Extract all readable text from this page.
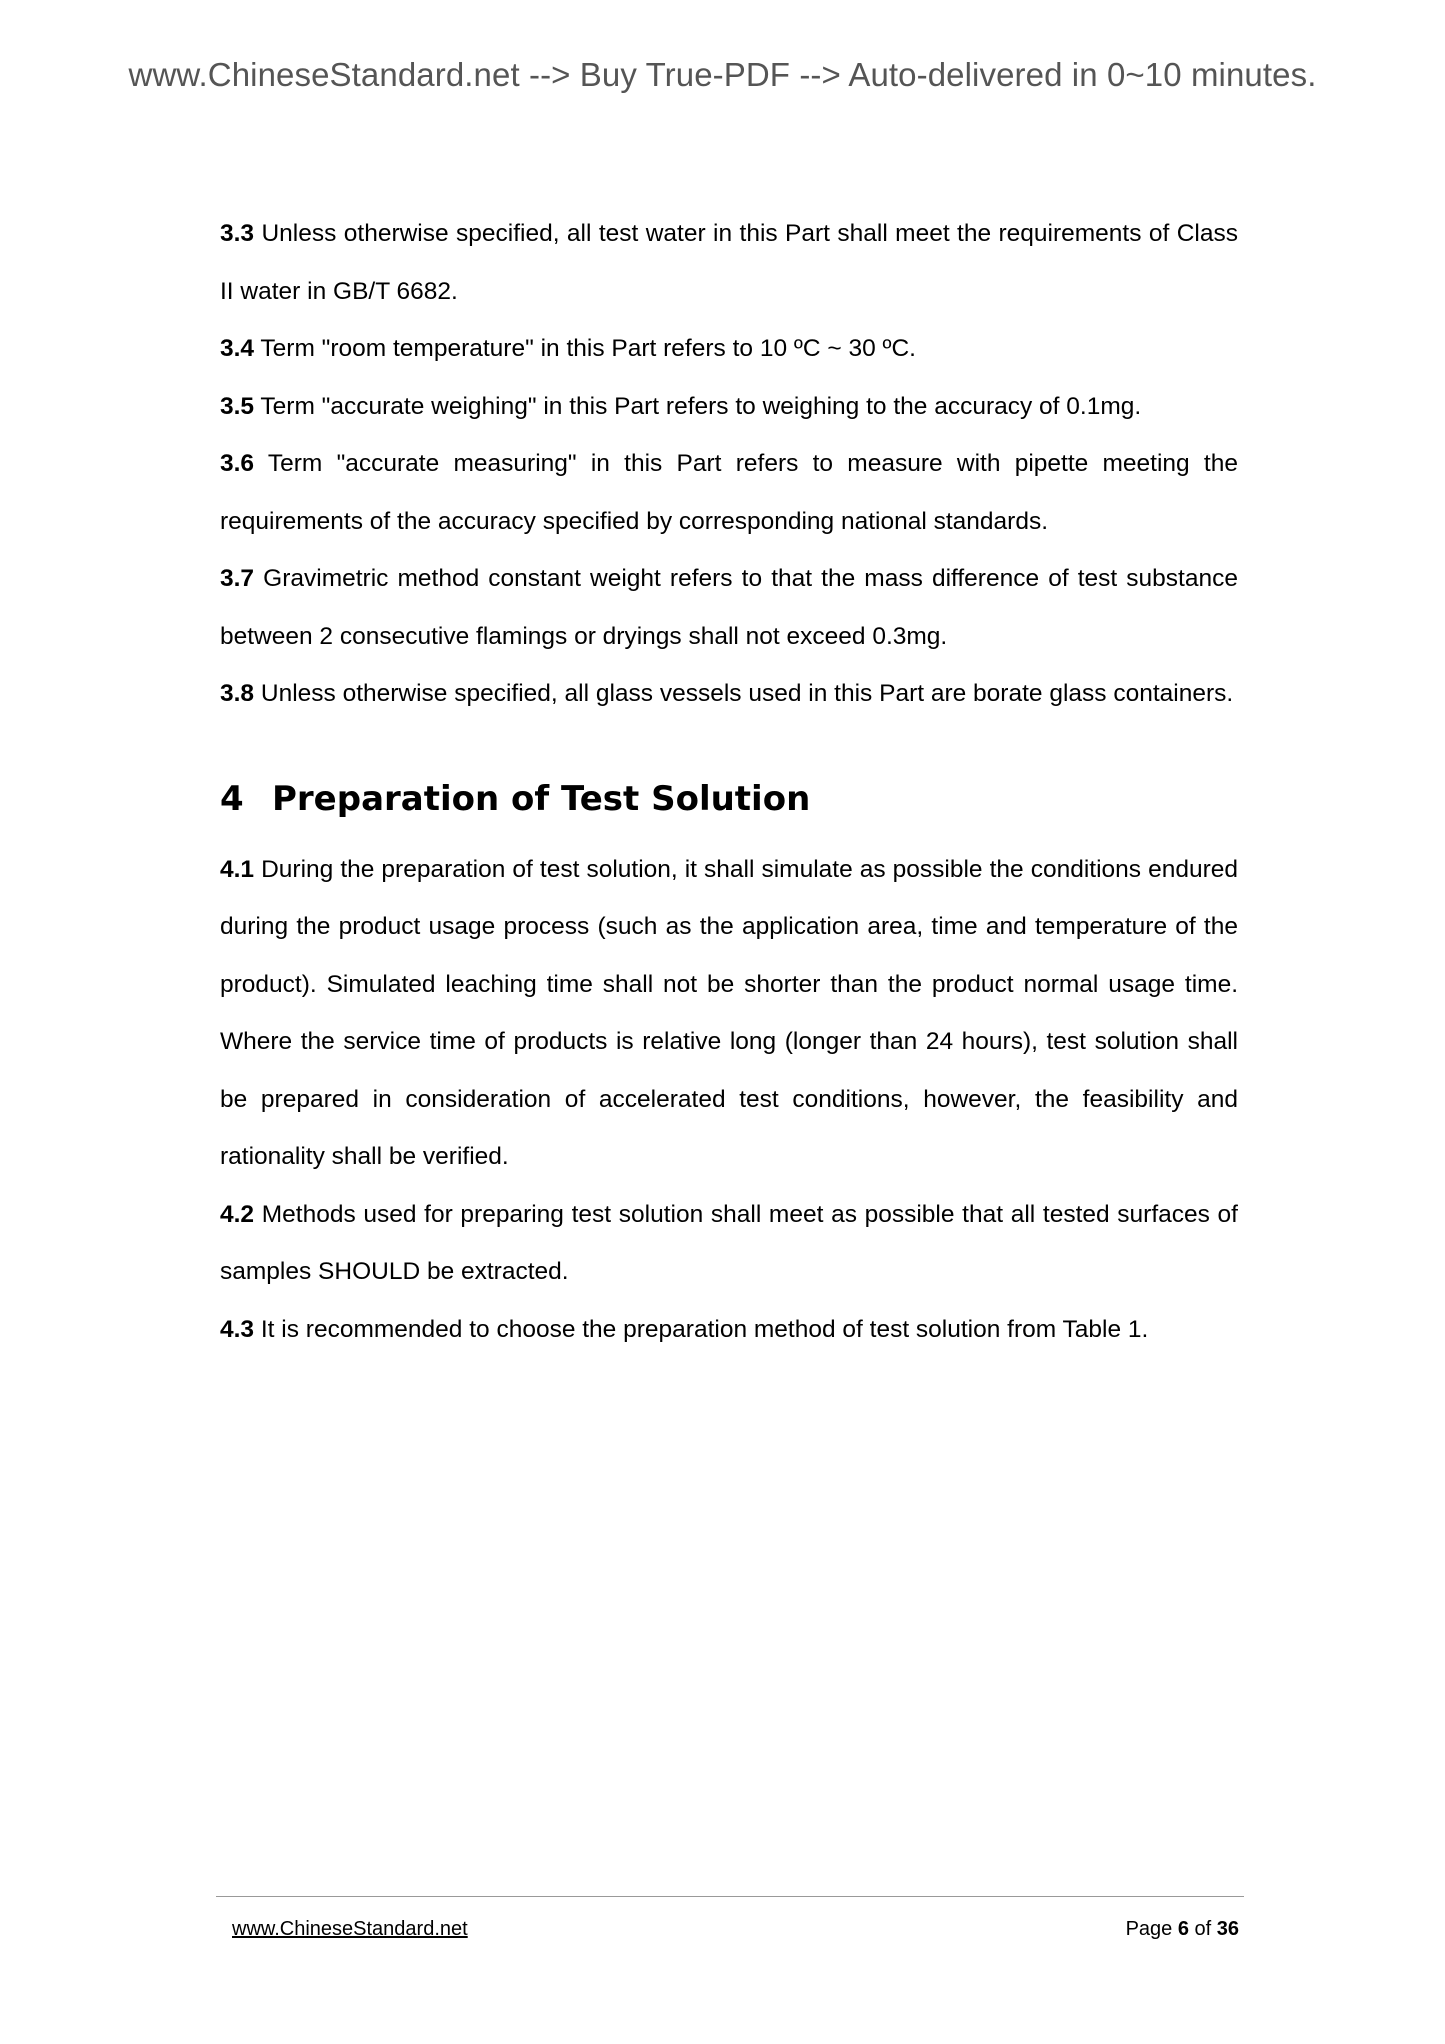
www.ChineseStandard.net --> Buy True-PDF --> Auto-delivered in 0~10 minutes.

3.3 Unless otherwise specified, all test water in this Part shall meet the requirements of Class II water in GB/T 6682.

3.4 Term "room temperature" in this Part refers to 10 ºC ~ 30 ºC.

3.5 Term "accurate weighing" in this Part refers to weighing to the accuracy of 0.1mg.

3.6 Term "accurate measuring" in this Part refers to measure with pipette meeting the requirements of the accuracy specified by corresponding national standards.

3.7 Gravimetric method constant weight refers to that the mass difference of test substance between 2 consecutive flamings or dryings shall not exceed 0.3mg.

3.8 Unless otherwise specified, all glass vessels used in this Part are borate glass containers.

4 Preparation of Test Solution

4.1 During the preparation of test solution, it shall simulate as possible the conditions endured during the product usage process (such as the application area, time and temperature of the product). Simulated leaching time shall not be shorter than the product normal usage time. Where the service time of products is relative long (longer than 24 hours), test solution shall be prepared in consideration of accelerated test conditions, however, the feasibility and rationality shall be verified.

4.2 Methods used for preparing test solution shall meet as possible that all tested surfaces of samples SHOULD be extracted.

4.3 It is recommended to choose the preparation method of test solution from Table 1.

www.ChineseStandard.net	Page 6 of 36
